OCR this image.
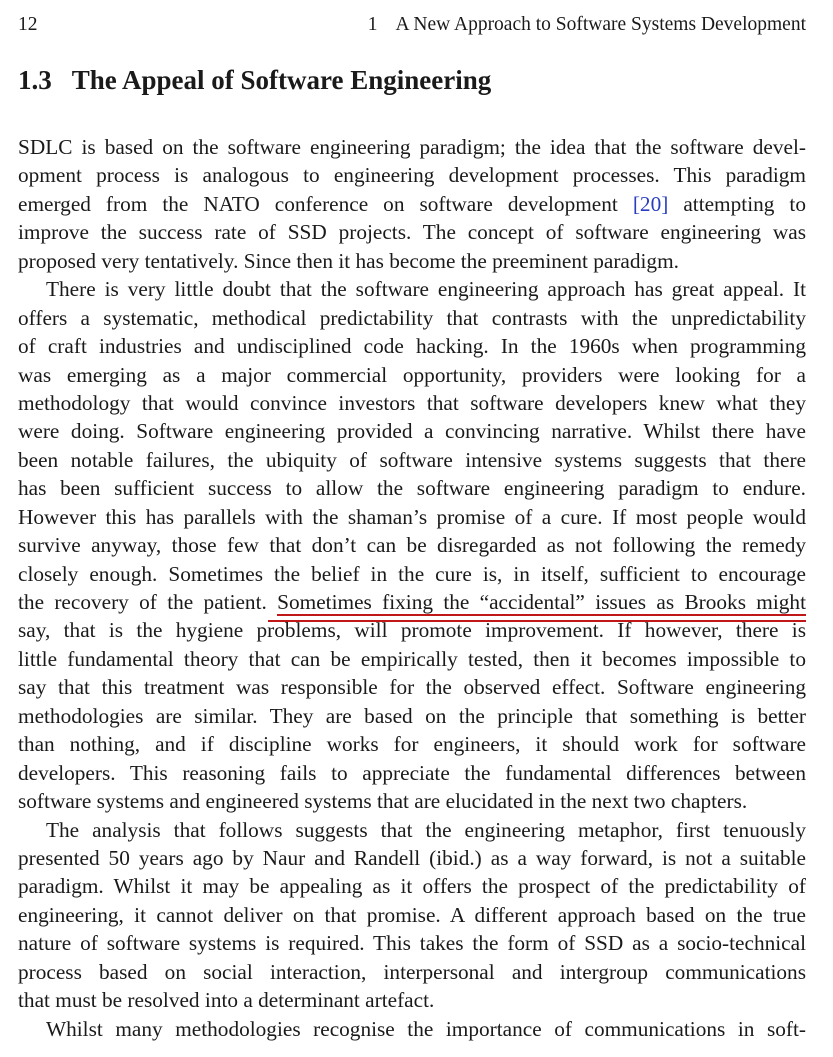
12	1 A New Approach to Software Systems Development
1.3 The Appeal of Software Engineering
SDLC is based on the software engineering paradigm; the idea that the software devel-
opment process is analogous to engineering development processes. This paradigm
emerged from the NATO conference on software development [20] attempting to
improve the success rate of SSD projects. The concept of software engineering was
proposed very tentatively. Since then it has become the preeminent paradigm.
There is very little doubt that the software engineering approach has great appeal. It
offers a systematic, methodical predictability that contrasts with the unpredictability
of craft industries and undisciplined code hacking. In the 1960s when programming
was emerging as a major commercial opportunity, providers were looking for a
methodology that would convince investors that software developers knew what they
were doing. Software engineering provided a convincing narrative. Whilst there have
been notable failures, the ubiquity of software intensive systems suggests that there
has been sufficient success to allow the software engineering paradigm to endure.
However this has parallels with the shaman’s promise of a cure. If most people would
survive anyway, those few that don’t can be disregarded as not following the remedy
closely enough. Sometimes the belief in the cure is, in itself, sufficient to encourage
the recovery of the patient. Sometimes fixing the “accidental” issues as Brooks might
say, that is the hygiene problems, will promote improvement. If however, there is
little fundamental theory that can be empirically tested, then it becomes impossible to
say that this treatment was responsible for the observed effect. Software engineering
methodologies are similar. They are based on the principle that something is better
than nothing, and if discipline works for engineers, it should work for software
developers. This reasoning fails to appreciate the fundamental differences between
software systems and engineered systems that are elucidated in the next two chapters.
The analysis that follows suggests that the engineering metaphor, first tenuously
presented 50 years ago by Naur and Randell (ibid.) as a way forward, is not a suitable
paradigm. Whilst it may be appealing as it offers the prospect of the predictability of
engineering, it cannot deliver on that promise. A different approach based on the true
nature of software systems is required. This takes the form of SSD as a socio-technical
process based on social interaction, interpersonal and intergroup communications
that must be resolved into a determinant artefact.
Whilst many methodologies recognise the importance of communications in soft-
